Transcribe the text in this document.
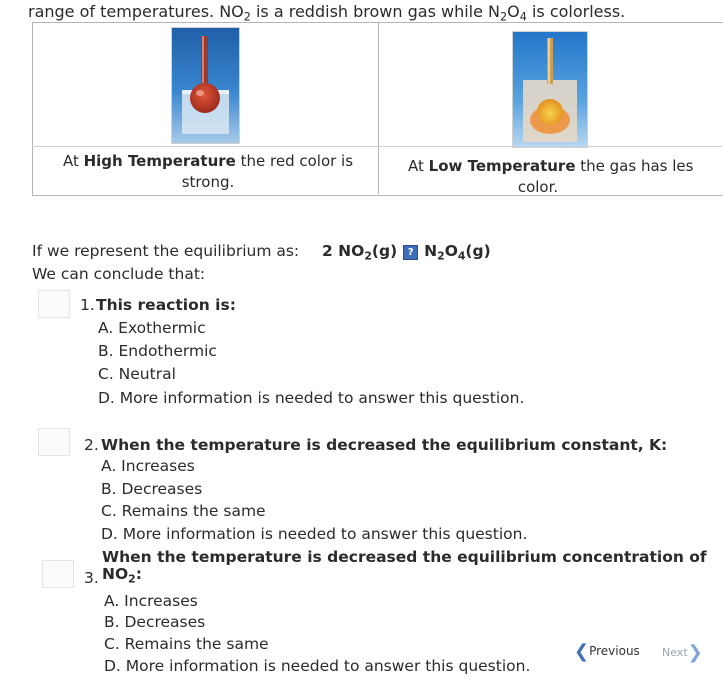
range of temperatures. $NO_2$ is a reddish brown gas while $N_2O_4$ is colorless.
At High Temperature the red color is
strong.
At Low Temperature the gas has les
color.
If we represent the equilibrium as: 2 $NO_2(g)$ ? $N_2O_4(g)$
We can conclude that:
1. This reaction is:
A. Exothermic
B. Endothermic
C. Neutral
D. More information is needed to answer this question.
2. When the temperature is decreased the equilibrium constant, K:
A. Increases
B. Decreases
C. Remains the same
D. More information is needed to answer this question.
When the temperature is decreased the equilibrium concentration of
3. $NO_2$:
A. Increases
B. Decreases
C. Remains the same
D. More information is needed to answer this question.
❮Previous Next❯
